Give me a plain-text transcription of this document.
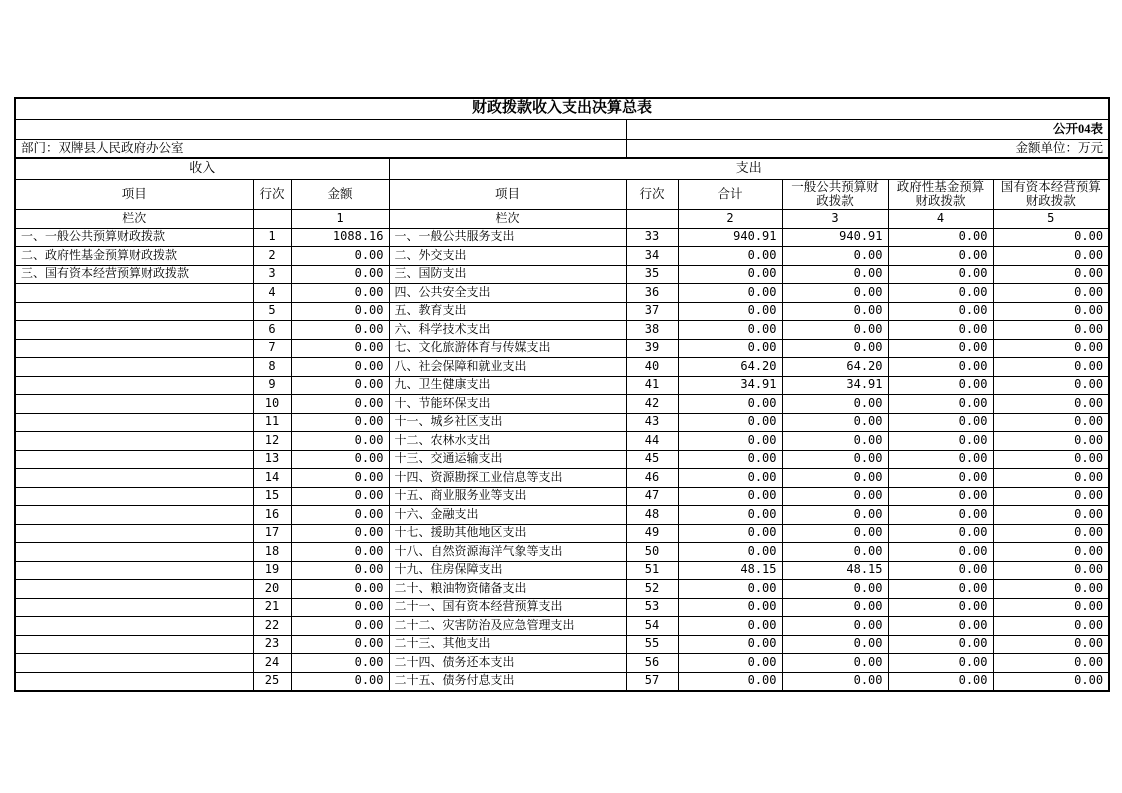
财政拨款收入支出决算总表								
				公开04表				
部门：双牌县人民政府办公室				金额单位：万元				
收入			支出					
项目	行次	金额	项目	行次	合计	一般公共预算财政拨款	政府性基金预算财政拨款	国有资本经营预算财政拨款
栏次		1	栏次		2	3	4	5
一、一般公共预算财政拨款	1	1088.16	一、一般公共服务支出	33	940.91	940.91	0.00	0.00
二、政府性基金预算财政拨款	2	0.00	二、外交支出	34	0.00	0.00	0.00	0.00
三、国有资本经营预算财政拨款	3	0.00	三、国防支出	35	0.00	0.00	0.00	0.00
	4	0.00	四、公共安全支出	36	0.00	0.00	0.00	0.00
	5	0.00	五、教育支出	37	0.00	0.00	0.00	0.00
	6	0.00	六、科学技术支出	38	0.00	0.00	0.00	0.00
	7	0.00	七、文化旅游体育与传媒支出	39	0.00	0.00	0.00	0.00
	8	0.00	八、社会保障和就业支出	40	64.20	64.20	0.00	0.00
	9	0.00	九、卫生健康支出	41	34.91	34.91	0.00	0.00
	10	0.00	十、节能环保支出	42	0.00	0.00	0.00	0.00
	11	0.00	十一、城乡社区支出	43	0.00	0.00	0.00	0.00
	12	0.00	十二、农林水支出	44	0.00	0.00	0.00	0.00
	13	0.00	十三、交通运输支出	45	0.00	0.00	0.00	0.00
	14	0.00	十四、资源勘探工业信息等支出	46	0.00	0.00	0.00	0.00
	15	0.00	十五、商业服务业等支出	47	0.00	0.00	0.00	0.00
	16	0.00	十六、金融支出	48	0.00	0.00	0.00	0.00
	17	0.00	十七、援助其他地区支出	49	0.00	0.00	0.00	0.00
	18	0.00	十八、自然资源海洋气象等支出	50	0.00	0.00	0.00	0.00
	19	0.00	十九、住房保障支出	51	48.15	48.15	0.00	0.00
	20	0.00	二十、粮油物资储备支出	52	0.00	0.00	0.00	0.00
	21	0.00	二十一、国有资本经营预算支出	53	0.00	0.00	0.00	0.00
	22	0.00	二十二、灾害防治及应急管理支出	54	0.00	0.00	0.00	0.00
	23	0.00	二十三、其他支出	55	0.00	0.00	0.00	0.00
	24	0.00	二十四、债务还本支出	56	0.00	0.00	0.00	0.00
	25	0.00	二十五、债务付息支出	57	0.00	0.00	0.00	0.00
